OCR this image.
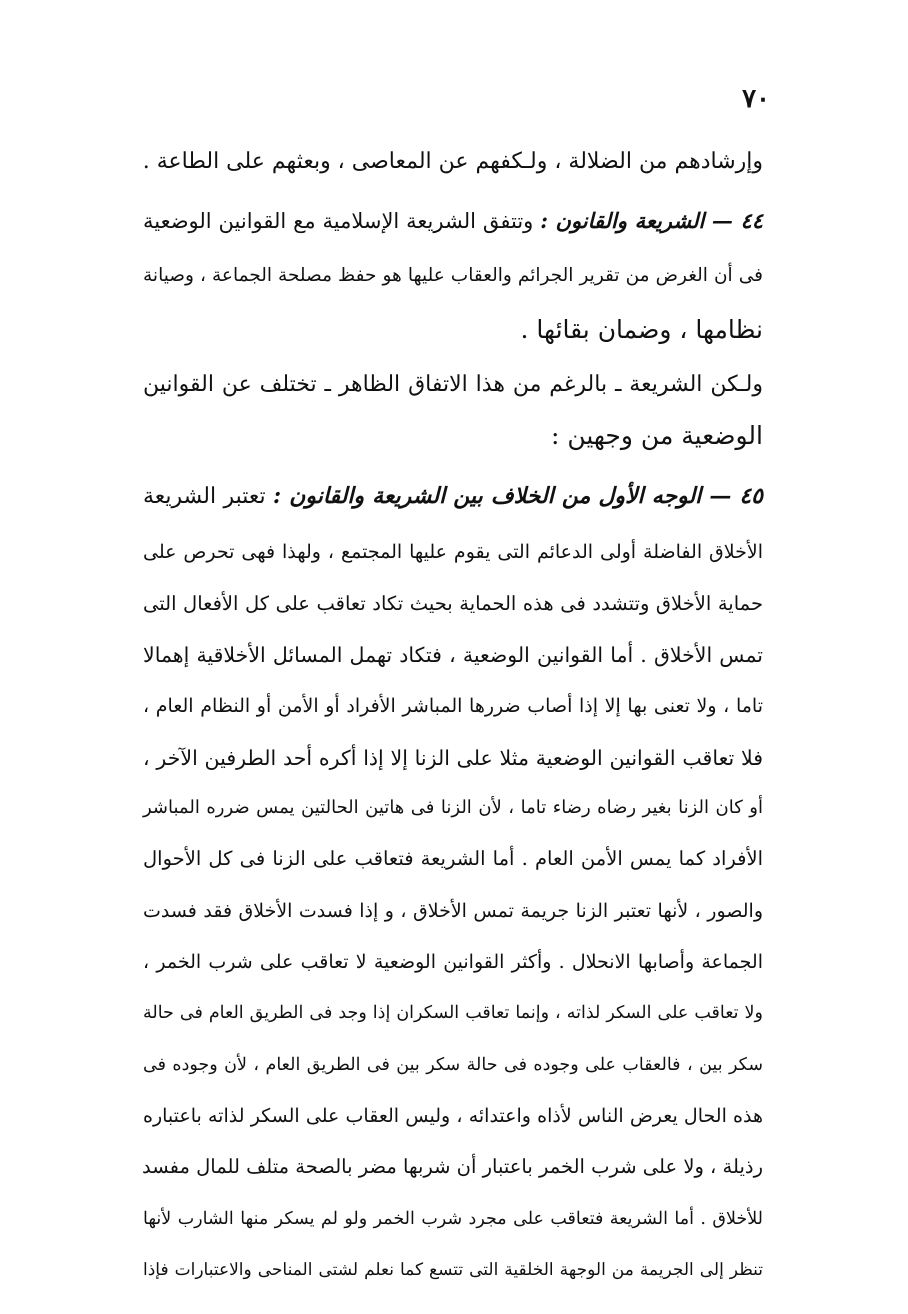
٧٠
وإرشادهم من الضلالة ، ولـكفهم عن المعاصى ، وبعثهم على الطاعة .
٤٤ — الشريعة والقانون : وتتفق الشريعة الإسلامية مع القوانين الوضعية
فى أن الغرض من تقرير الجرائم والعقاب عليها هو حفظ مصلحة الجماعة ، وصيانة
نظامها ، وضمان بقائها .
ولـكن الشريعة ـ بالرغم من هذا الاتفاق الظاهر ـ تختلف عن القوانين
الوضعية من وجهين :
٤٥ — الوجه الأول من الخلاف بين الشريعة والقانون : تعتبر الشريعة
الأخلاق الفاضلة أولى الدعائم التى يقوم عليها المجتمع ، ولهذا فهى تحرص على
حماية الأخلاق وتتشدد فى هذه الحماية بحيث تكاد تعاقب على كل الأفعال التى
تمس الأخلاق . أما القوانين الوضعية ، فتكاد تهمل المسائل الأخلاقية إهمالا
تاما ، ولا تعنى بها إلا إذا أصاب ضررها المباشر الأفراد أو الأمن أو النظام العام ،
فلا تعاقب القوانين الوضعية مثلا على الزنا إلا إذا أكره أحد الطرفين الآخر ،
أو كان الزنا بغير رضاه رضاء تاما ، لأن الزنا فى هاتين الحالتين يمس ضرره المباشر
الأفراد كما يمس الأمن العام . أما الشريعة فتعاقب على الزنا فى كل الأحوال
والصور ، لأنها تعتبر الزنا جريمة تمس الأخلاق ، و إذا فسدت الأخلاق فقد فسدت
الجماعة وأصابها الانحلال . وأكثر القوانين الوضعية لا تعاقب على شرب الخمر ،
ولا تعاقب على السكر لذاته ، وإنما تعاقب السكران إذا وجد فى الطريق العام فى حالة
سكر بين ، فالعقاب على وجوده فى حالة سكر بين فى الطريق العام ، لأن وجوده فى
هذه الحال يعرض الناس لأذاه واعتدائه ، وليس العقاب على السكر لذاته باعتباره
رذيلة ، ولا على شرب الخمر باعتبار أن شربها مضر بالصحة متلف للمال مفسد
للأخلاق . أما الشريعة فتعاقب على مجرد شرب الخمر ولو لم يسكر منها الشارب لأنها
تنظر إلى الجريمة من الوجهة الخلقية التى تتسع كما نعلم لشتى المناحى والاعتبارات فإذا
